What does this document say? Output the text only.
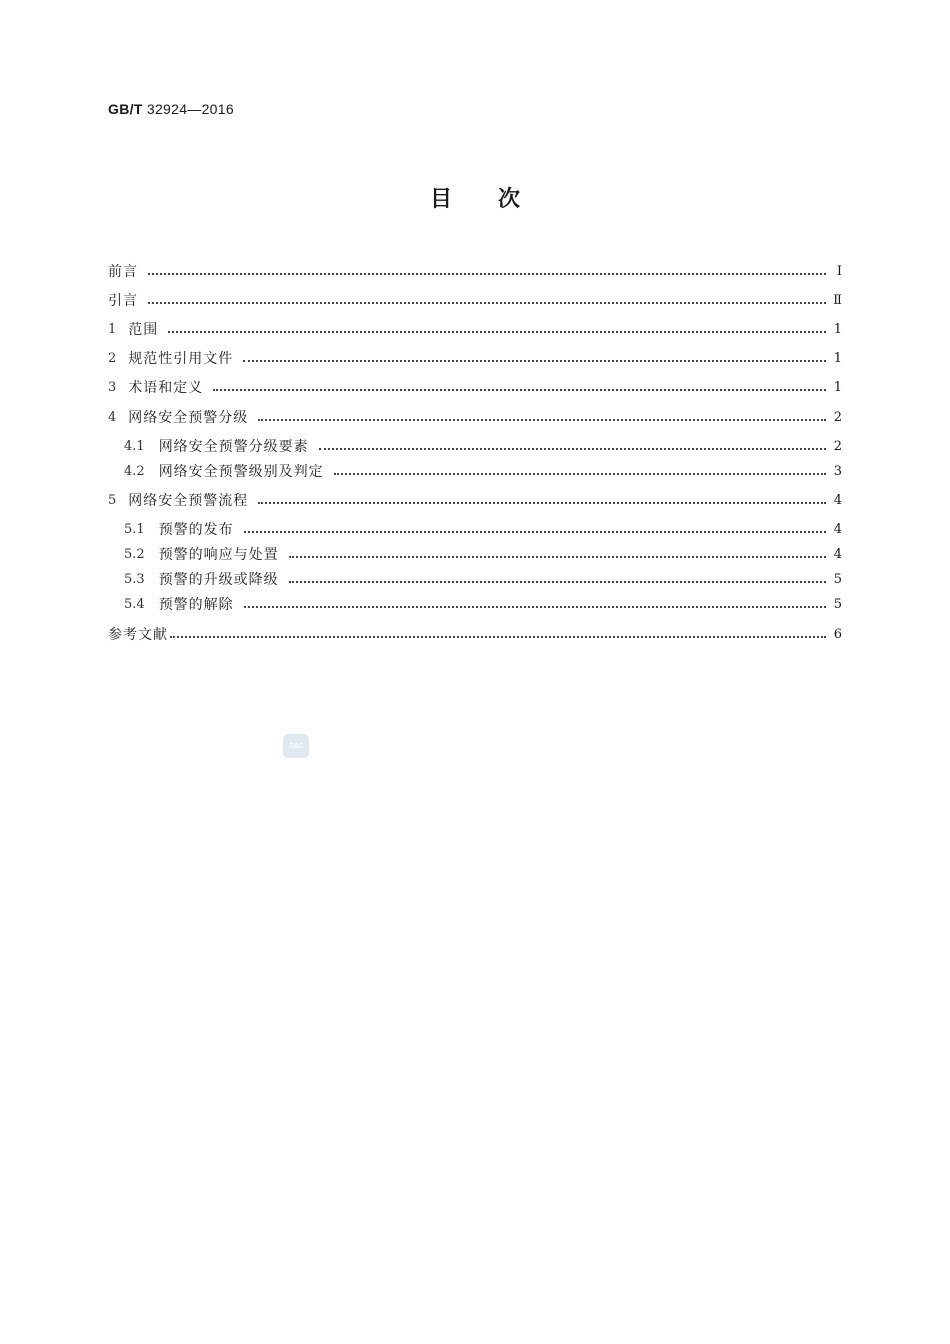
GB/T 32924—2016
目次
前言	Ⅰ
引言	Ⅱ
1 范围	1
2 规范性引用文件	1
3 术语和定义	1
4 网络安全预警分级	2
4.1 网络安全预警分级要素	2
4.2 网络安全预警级别及判定	3
5 网络安全预警流程	4
5.1 预警的发布	4
5.2 预警的响应与处置	4
5.3 预警的升级或降级	5
5.4 预警的解除	5
参考文献	6
SAC
